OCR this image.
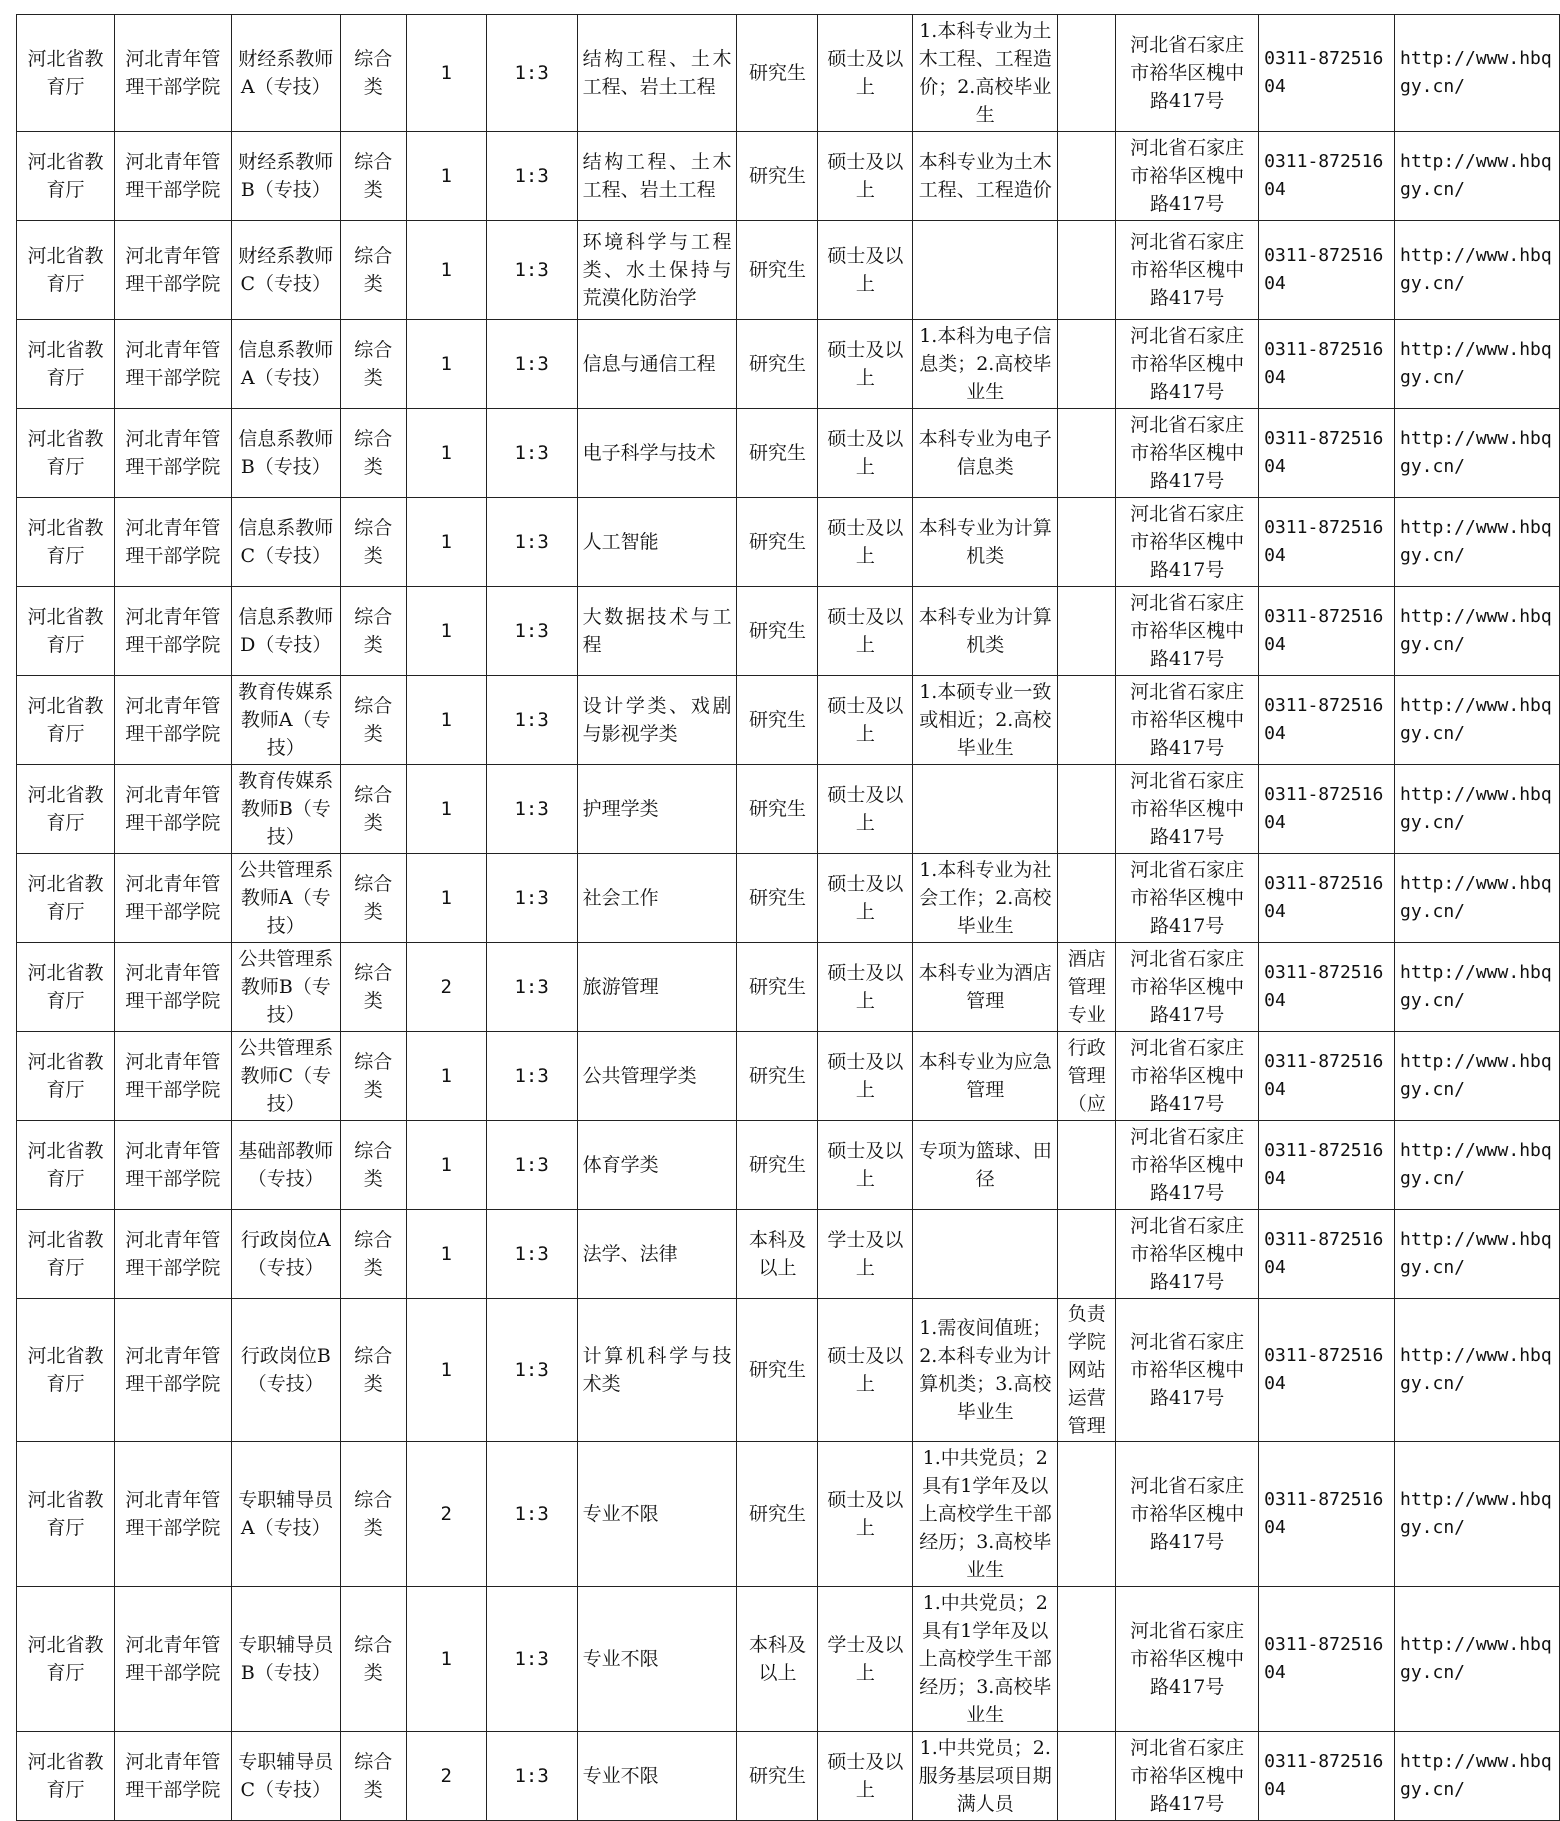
河北省教育厅	河北青年管理干部学院	财经系教师A（专技）	综合类	1	1:3	结构工程、土木工程、岩土工程	研究生	硕士及以上	1.本科专业为土木工程、工程造价；2.高校毕业生		河北省石家庄市裕华区槐中路417号	0311-87251604	http://www.hbqgy.cn/
河北省教育厅	河北青年管理干部学院	财经系教师B（专技）	综合类	1	1:3	结构工程、土木工程、岩土工程	研究生	硕士及以上	本科专业为土木工程、工程造价		河北省石家庄市裕华区槐中路417号	0311-87251604	http://www.hbqgy.cn/
河北省教育厅	河北青年管理干部学院	财经系教师C（专技）	综合类	1	1:3	环境科学与工程类、水土保持与荒漠化防治学	研究生	硕士及以上			河北省石家庄市裕华区槐中路417号	0311-87251604	http://www.hbqgy.cn/
河北省教育厅	河北青年管理干部学院	信息系教师A（专技）	综合类	1	1:3	信息与通信工程	研究生	硕士及以上	1.本科为电子信息类；2.高校毕业生		河北省石家庄市裕华区槐中路417号	0311-87251604	http://www.hbqgy.cn/
河北省教育厅	河北青年管理干部学院	信息系教师B（专技）	综合类	1	1:3	电子科学与技术	研究生	硕士及以上	本科专业为电子信息类		河北省石家庄市裕华区槐中路417号	0311-87251604	http://www.hbqgy.cn/
河北省教育厅	河北青年管理干部学院	信息系教师C（专技）	综合类	1	1:3	人工智能	研究生	硕士及以上	本科专业为计算机类		河北省石家庄市裕华区槐中路417号	0311-87251604	http://www.hbqgy.cn/
河北省教育厅	河北青年管理干部学院	信息系教师D（专技）	综合类	1	1:3	大数据技术与工程	研究生	硕士及以上	本科专业为计算机类		河北省石家庄市裕华区槐中路417号	0311-87251604	http://www.hbqgy.cn/
河北省教育厅	河北青年管理干部学院	教育传媒系教师A（专技）	综合类	1	1:3	设计学类、戏剧与影视学类	研究生	硕士及以上	1.本硕专业一致或相近；2.高校毕业生		河北省石家庄市裕华区槐中路417号	0311-87251604	http://www.hbqgy.cn/
河北省教育厅	河北青年管理干部学院	教育传媒系教师B（专技）	综合类	1	1:3	护理学类	研究生	硕士及以上			河北省石家庄市裕华区槐中路417号	0311-87251604	http://www.hbqgy.cn/
河北省教育厅	河北青年管理干部学院	公共管理系教师A（专技）	综合类	1	1:3	社会工作	研究生	硕士及以上	1.本科专业为社会工作；2.高校毕业生		河北省石家庄市裕华区槐中路417号	0311-87251604	http://www.hbqgy.cn/
河北省教育厅	河北青年管理干部学院	公共管理系教师B（专技）	综合类	2	1:3	旅游管理	研究生	硕士及以上	本科专业为酒店管理	酒店管理专业	河北省石家庄市裕华区槐中路417号	0311-87251604	http://www.hbqgy.cn/
河北省教育厅	河北青年管理干部学院	公共管理系教师C（专技）	综合类	1	1:3	公共管理学类	研究生	硕士及以上	本科专业为应急管理	行政管理（应	河北省石家庄市裕华区槐中路417号	0311-87251604	http://www.hbqgy.cn/
河北省教育厅	河北青年管理干部学院	基础部教师（专技）	综合类	1	1:3	体育学类	研究生	硕士及以上	专项为篮球、田径		河北省石家庄市裕华区槐中路417号	0311-87251604	http://www.hbqgy.cn/
河北省教育厅	河北青年管理干部学院	行政岗位A（专技）	综合类	1	1:3	法学、法律	本科及以上	学士及以上			河北省石家庄市裕华区槐中路417号	0311-87251604	http://www.hbqgy.cn/
河北省教育厅	河北青年管理干部学院	行政岗位B（专技）	综合类	1	1:3	计算机科学与技术类	研究生	硕士及以上	1.需夜间值班；2.本科专业为计算机类；3.高校毕业生	负责学院网站运营管理	河北省石家庄市裕华区槐中路417号	0311-87251604	http://www.hbqgy.cn/
河北省教育厅	河北青年管理干部学院	专职辅导员A（专技）	综合类	2	1:3	专业不限	研究生	硕士及以上	1.中共党员；2具有1学年及以上高校学生干部经历；3.高校毕业生		河北省石家庄市裕华区槐中路417号	0311-87251604	http://www.hbqgy.cn/
河北省教育厅	河北青年管理干部学院	专职辅导员B（专技）	综合类	1	1:3	专业不限	本科及以上	学士及以上	1.中共党员；2具有1学年及以上高校学生干部经历；3.高校毕业生		河北省石家庄市裕华区槐中路417号	0311-87251604	http://www.hbqgy.cn/
河北省教育厅	河北青年管理干部学院	专职辅导员C（专技）	综合类	2	1:3	专业不限	研究生	硕士及以上	1.中共党员；2.服务基层项目期满人员		河北省石家庄市裕华区槐中路417号	0311-87251604	http://www.hbqgy.cn/
